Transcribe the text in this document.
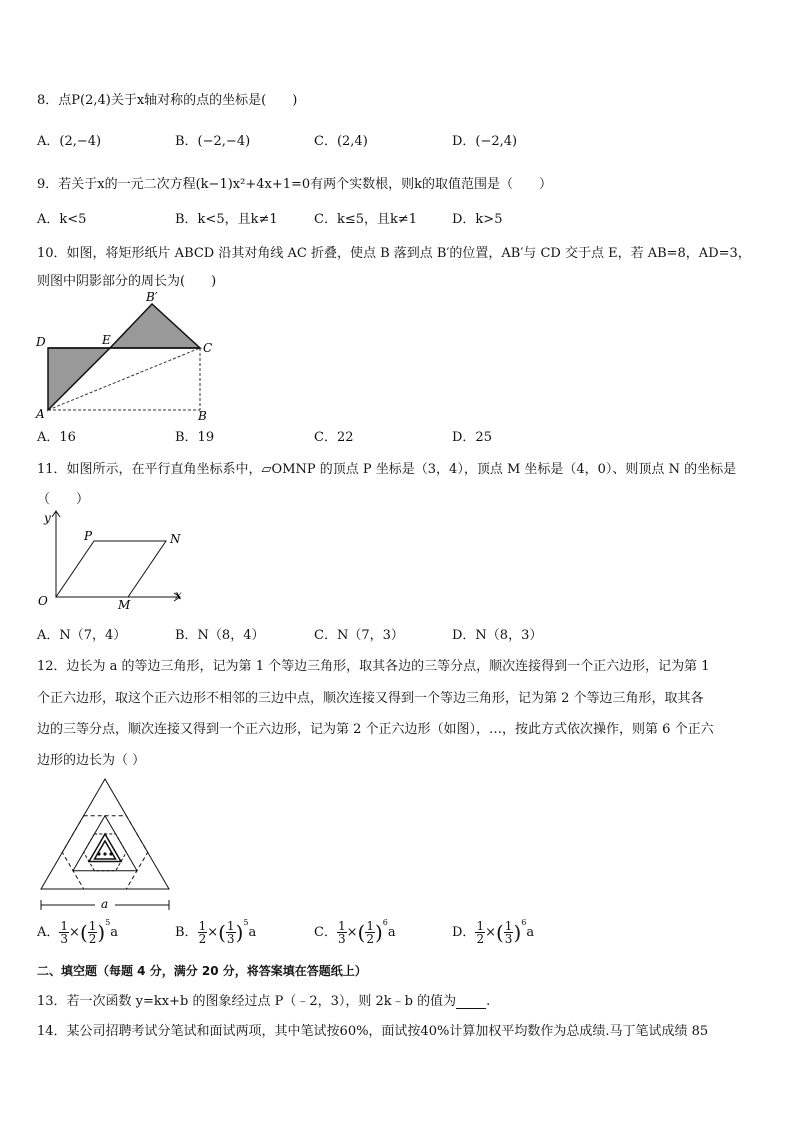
8．点P(2,4)关于x轴对称的点的坐标是(　　)
A．(2,−4)	B．(−2,−4)	C．(2,4)	D．(−2,4)
9．若关于x的一元二次方程(k−1)x²+4x+1=0有两个实数根，则k的取值范围是（　　）
A．k<5	B．k<5，且k≠1	C．k≤5，且k≠1	D．k>5
10．如图，将矩形纸片 ABCD 沿其对角线 AC 折叠，使点 B 落到点 B′的位置，AB′与 CD 交于点 E，若 AB=8，AD=3，
则图中阴影部分的周长为(　　)
D	E
B′
C
A	B
A．16	B．19	C．22	D．25
11．如图所示，在平行直角坐标系中，▱OMNP 的顶点 P 坐标是（3，4），顶点 M 坐标是（4，0）、则顶点 N 的坐标是
（　　）
y
x
O
P	N
M
A．N（7，4）	B．N（8，4）	C．N（7，3）	D．N（8，3）
12．边长为 a 的等边三角形，记为第 1 个等边三角形，取其各边的三等分点，顺次连接得到一个正六边形，记为第 1
个正六边形，取这个正六边形不相邻的三边中点，顺次连接又得到一个等边三角形，记为第 2 个等边三角形，取其各
边的三等分点，顺次连接又得到一个正六边形，记为第 2 个正六边形（如图），…，按此方式依次操作，则第 6 个正六
边形的边长为（ ）
a
A． $\frac{1}{3}$ ×( $\frac{1}{2} )^5a$	B． $\frac{1}{2}$ ×( $\frac{1}{3} )^5a$	C． $\frac{1}{3}$ ×( $\frac{1}{2} )^6a$	D． $\frac{1}{2}$ ×( $\frac{1}{3} )^6a$
二、填空题（每题 4 分，满分 20 分，将答案填在答题纸上）
13．若一次函数 y=kx+b 的图象经过点 P（﹣2，3），则 2k﹣b 的值为 .
14．某公司招聘考试分笔试和面试两项，其中笔试按60%，面试按40%计算加权平均数作为总成绩.马丁笔试成绩 85
